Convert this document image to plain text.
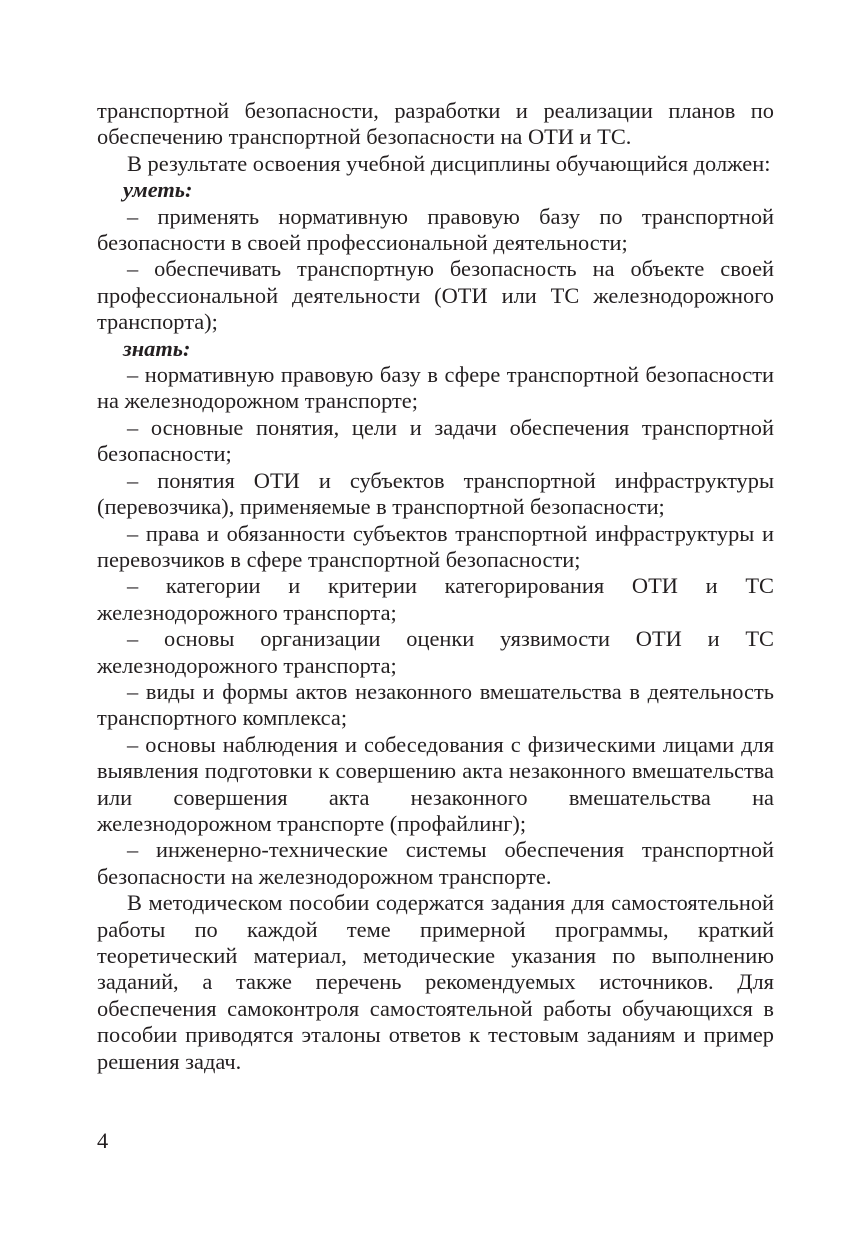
транспортной безопасности, разработки и реализации планов по обеспечению транспортной безопасности на ОТИ и ТС.

В результате освоения учебной дисциплины обучающийся должен:

уметь:

– применять нормативную правовую базу по транспортной безопасности в своей профессиональной деятельности;

– обеспечивать транспортную безопасность на объекте своей профессиональной деятельности (ОТИ или ТС железнодорожного транспорта);

знать:

– нормативную правовую базу в сфере транспортной безопасности на железнодорожном транспорте;

– основные понятия, цели и задачи обеспечения транспортной безопасности;

– понятия ОТИ и субъектов транспортной инфраструктуры (перевозчика), применяемые в транспортной безопасности;

– права и обязанности субъектов транспортной инфраструктуры и перевозчиков в сфере транспортной безопасности;

– категории и критерии категорирования ОТИ и ТС железнодорожного транспорта;

– основы организации оценки уязвимости ОТИ и ТС железнодорожного транспорта;

– виды и формы актов незаконного вмешательства в деятельность транспортного комплекса;

– основы наблюдения и собеседования с физическими лицами для выявления подготовки к совершению акта незаконного вмешательства или совершения акта незаконного вмешательства на железнодорожном транспорте (профайлинг);

– инженерно-технические системы обеспечения транспортной безопасности на железнодорожном транспорте.

В методическом пособии содержатся задания для самостоятельной работы по каждой теме примерной программы, краткий теоретический материал, методические указания по выполнению заданий, а также перечень рекомендуемых источников. Для обеспечения самоконтроля самостоятельной работы обучающихся в пособии приводятся эталоны ответов к тестовым заданиям и пример решения задач.

4
